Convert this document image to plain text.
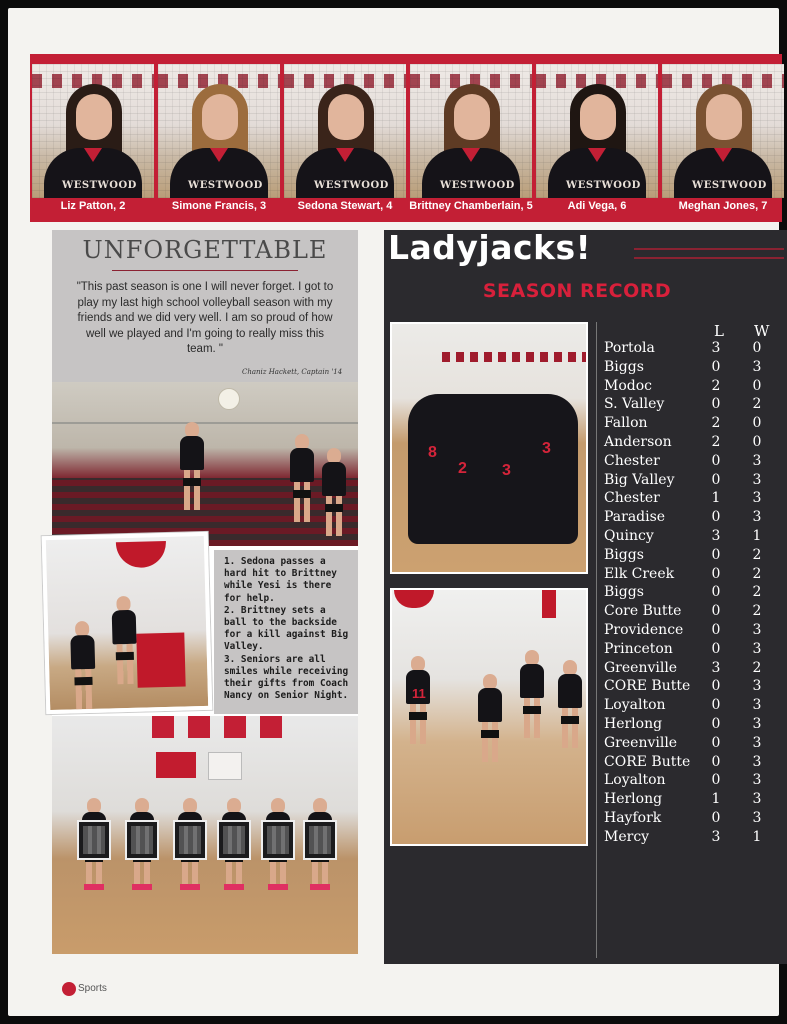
WESTWOOD	WESTWOOD	WESTWOOD	WESTWOOD	WESTWOOD	WESTWOOD
Liz Patton, 2	Simone Francis, 3	Sedona Stewart, 4	Brittney Chamberlain, 5	Adi Vega, 6	Meghan Jones, 7
UNFORGETTABLE
"This past season is one I will never forget. I got to play my last high school volleyball season with my friends and we did very well. I am so proud of how well we played and I'm going to really miss this team. "
Chaniz Hackett, Captain '14
1. Sedona passes a hard hit to Brittney while Yesi is there for help.
2. Brittney sets a ball to the backside for a kill against Big Valley.
3. Seniors are all smiles while receiving their gifts from Coach Nancy on Senior Night.
Ladyjacks!
SEASON RECORD
8
2 3
3
11
L W
Portola	3 0
Biggs	0 3
Modoc	2 0
S. Valley	0 2
Fallon	2 0
Anderson	2 0
Chester	0 3
Big Valley	0 3
Chester	1 3
Paradise	0 3
Quincy	3 1
Biggs	0 2
Elk Creek	0 2
Biggs	0 2
Core Butte 0 2
Providence 0 3
Princeton	0 3
Greenville 3 2
CORE Butte 0 3
Loyalton	0 3
Herlong	0 3
Greenville 0 3
CORE Butte 0 3
Loyalton	0 3
Herlong	1 3
Hayfork	0 3
Mercy	3 1
Sports
